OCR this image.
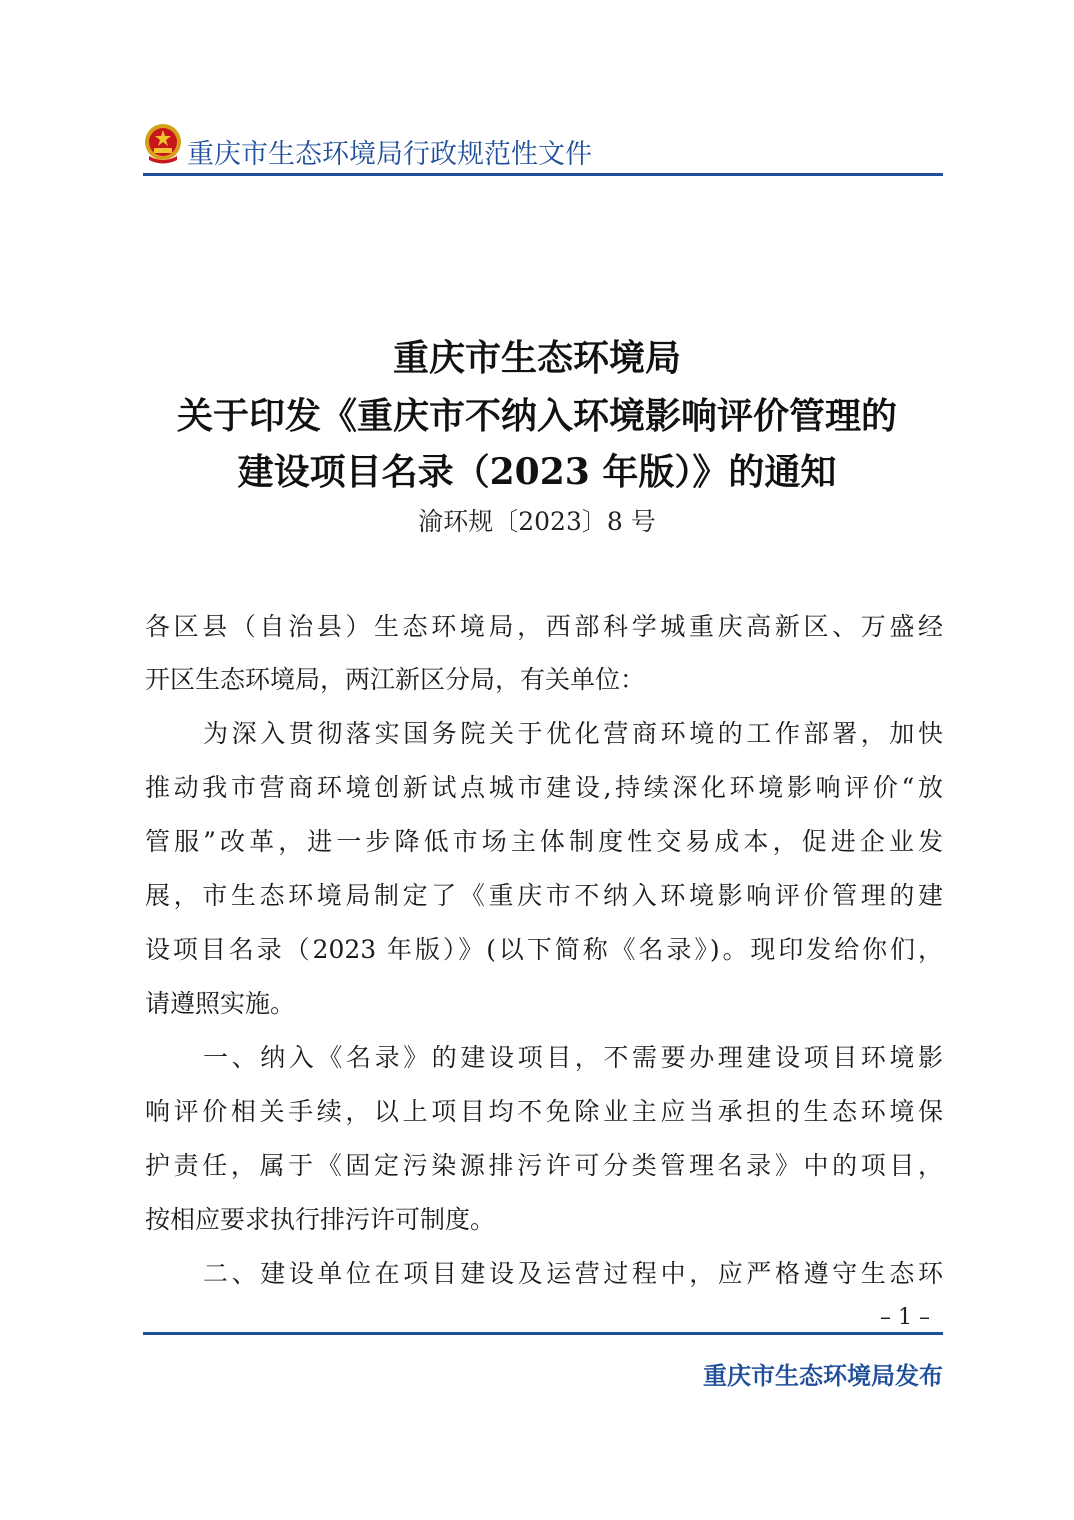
重庆市生态环境局行政规范性文件
重庆市生态环境局
关于印发《重庆市不纳入环境影响评价管理的
建设项目名录（2023 年版）》的通知
渝环规〔2023〕8 号
各区县（自治县）生态环境局，西部科学城重庆高新区、万盛经
开区生态环境局，两江新区分局，有关单位：
为深入贯彻落实国务院关于优化营商环境的工作部署，加快
推动我市营商环境创新试点城市建设,持续深化环境影响评价“放
管服”改革，进一步降低市场主体制度性交易成本，促进企业发
展，市生态环境局制定了《重庆市不纳入环境影响评价管理的建
设项目名录（2023 年版）》(以下简称《名录》)。现印发给你们，
请遵照实施。
一、纳入《名录》的建设项目，不需要办理建设项目环境影
响评价相关手续，以上项目均不免除业主应当承担的生态环境保
护责任，属于《固定污染源排污许可分类管理名录》中的项目，
按相应要求执行排污许可制度。
二、建设单位在项目建设及运营过程中，应严格遵守生态环
– 1 –
重庆市生态环境局发布
